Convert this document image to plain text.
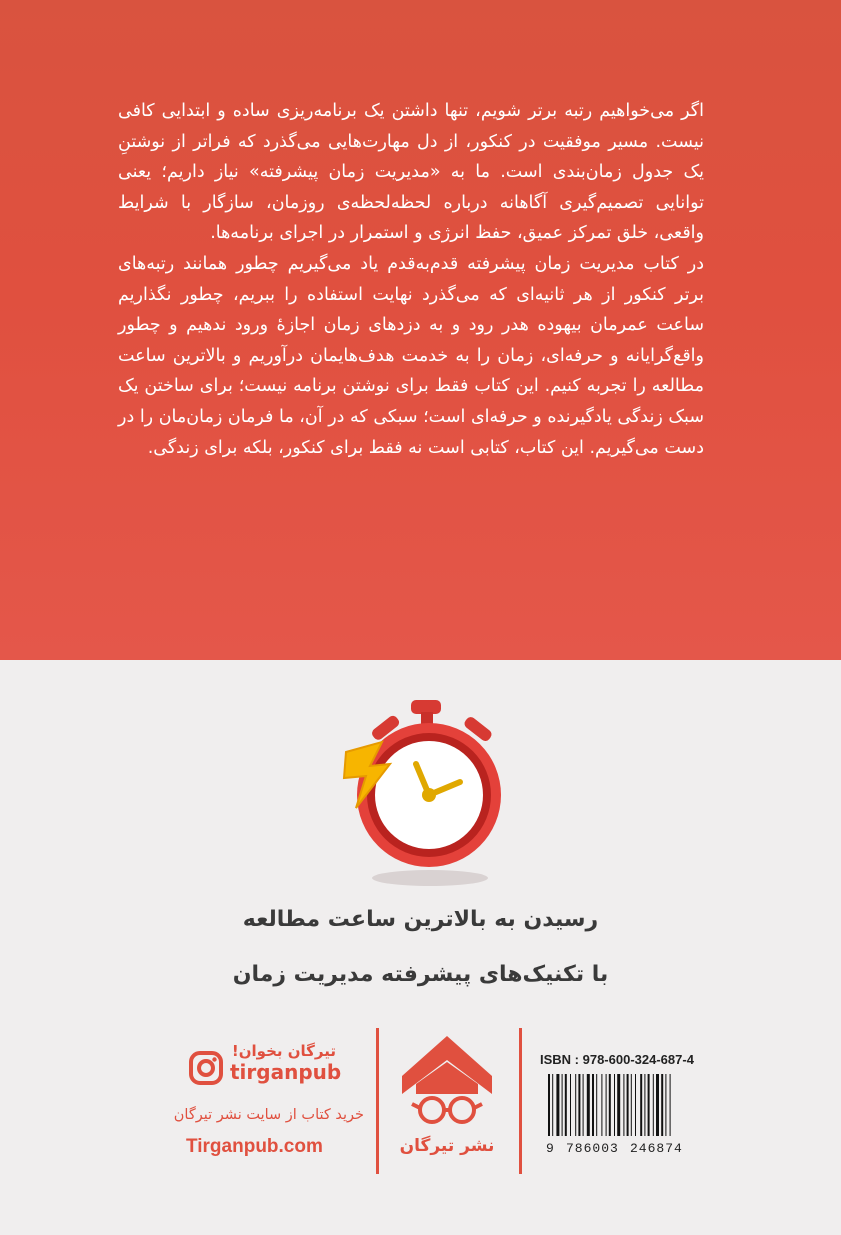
اگر می‌خواهیم رتبه برتر شویم، تنها داشتن یک برنامه‌ریزی ساده و ابتدایی کافی نیست. مسیر موفقیت در کنکور، از دل مهارت‌هایی می‌گذرد که فراتر از نوشتنِ یک جدول زمان‌بندی است. ما به «مدیریت زمان پیشرفته» نیاز داریم؛ یعنی توانایی تصمیم‌گیری آگاهانه درباره لحظه‌لحظه‌ی روزمان، سازگار با شرایط واقعی، خلق تمرکز عمیق، حفظ انرژی و استمرار در اجرای برنامه‌ها.

در کتاب مدیریت زمان پیشرفته قدم‌به‌قدم یاد می‌گیریم چطور همانند رتبه‌های برتر کنکور از هر ثانیه‌ای که می‌گذرد نهایت استفاده را ببریم، چطور نگذاریم ساعت عمرمان بیهوده هدر رود و به دزدهای زمان اجازهٔ ورود ندهیم و چطور واقع‌گرایانه و حرفه‌ای، زمان را به خدمت هدف‌هایمان درآوریم و بالاترین ساعت مطالعه را تجربه کنیم. این کتاب فقط برای نوشتن برنامه نیست؛ برای ساختن یک سبک زندگی یادگیرنده و حرفه‌ای است؛ سبکی که در آن، ما فرمان زمان‌مان را در دست می‌گیریم. این کتاب، کتابی است نه فقط برای کنکور، بلکه برای زندگی.

رسیدن به بالاترین ساعت مطالعه
با تکنیک‌های پیشرفته مدیریت زمان
نشر تیرگان
تیرگان بخوان!
tirganpub
خرید کتاب از سایت نشر تیرگان
Tirganpub.com
ISBN : 978-600-324-687-4
9 786003 246874
